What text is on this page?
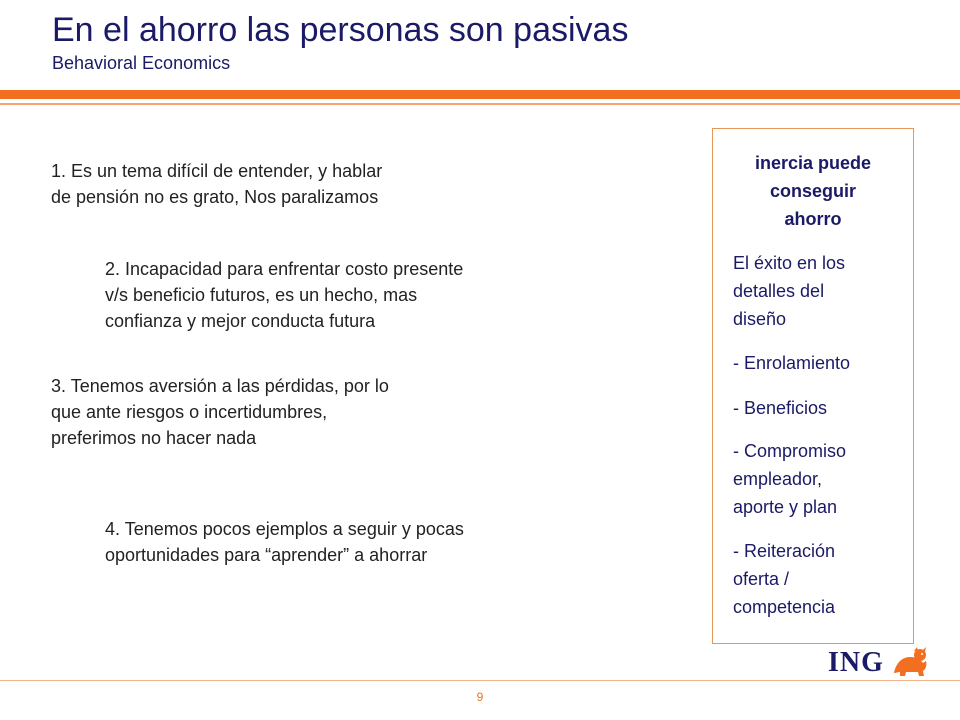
En el ahorro las personas son pasivas
Behavioral Economics
1. Es un tema difícil de entender, y hablar
de pensión no es grato, Nos paralizamos
2. Incapacidad para enfrentar costo presente
v/s beneficio futuros, es un hecho, mas
confianza y mejor conducta futura
3. Tenemos aversión a las pérdidas, por lo
que ante riesgos o incertidumbres,
preferimos no hacer nada
4. Tenemos pocos ejemplos a seguir y pocas
oportunidades para “aprender” a ahorrar
inercia puede
conseguir
ahorro
El éxito en los
detalles del
diseño
- Enrolamiento
- Beneficios
- Compromiso
empleador,
aporte y plan
- Reiteración
oferta /
competencia
9
ING
